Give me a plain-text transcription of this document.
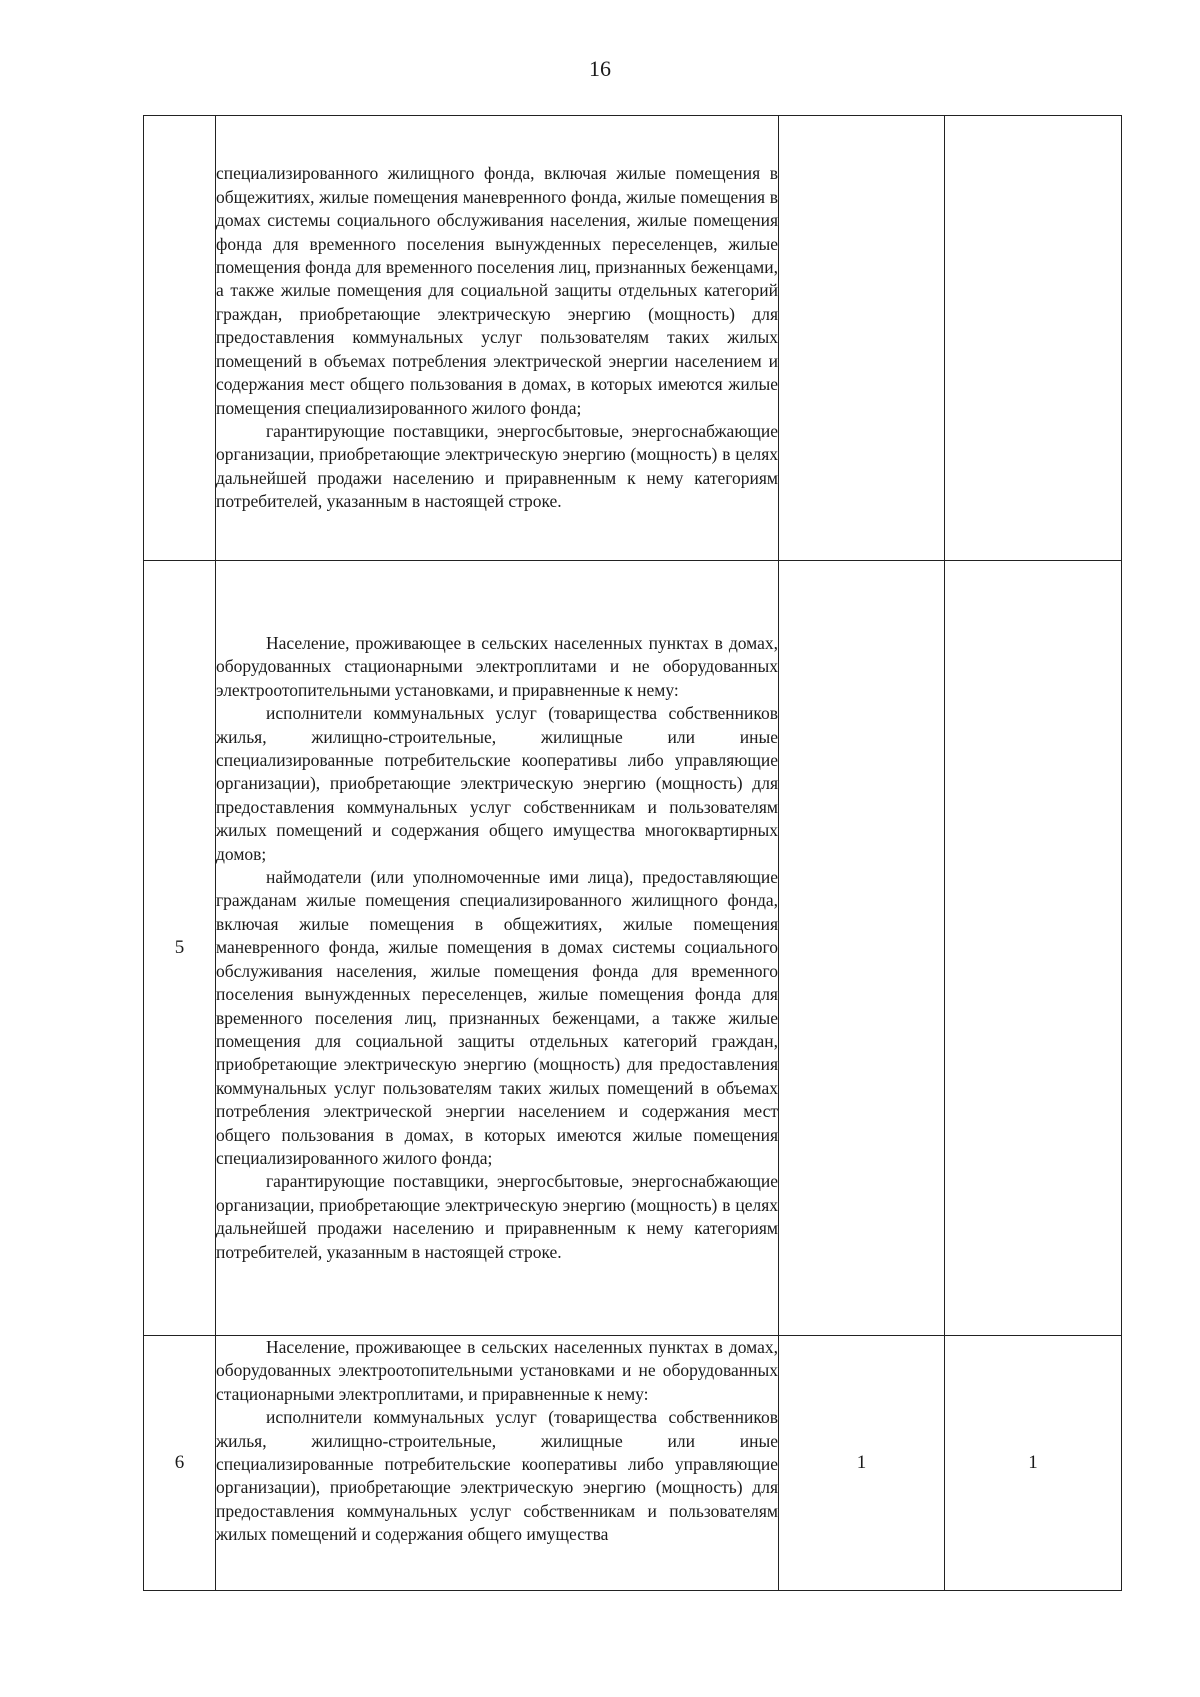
16

	специализированного жилищного фонда, включая жилые помещения в общежитиях, жилые помещения маневренного фонда, жилые помещения в домах системы социального обслуживания населения, жилые помещения фонда для временного поселения вынужденных переселенцев, жилые помещения фонда для временного поселения лиц, признанных беженцами, а также жилые помещения для социальной защиты отдельных категорий граждан, приобретающие электрическую энергию (мощность) для предоставления коммунальных услуг пользователям таких жилых помещений в объемах потребления электрической энергии населением и содержания мест общего пользования в домах, в которых имеются жилые помещения специализированного жилого фонда;

гарантирующие поставщики, энергосбытовые, энергоснабжающие организации, приобретающие электрическую энергию (мощность) в целях дальнейшей продажи населению и приравненным к нему категориям потребителей, указанным в настоящей строке.		

5	Население, проживающее в сельских населенных пунктах в домах, оборудованных стационарными электроплитами и не оборудованных электроотопительными установками, и приравненные к нему:

исполнители коммунальных услуг (товарищества собственников жилья, жилищно-строительные, жилищные или иные специализированные потребительские кооперативы либо управляющие организации), приобретающие электрическую энергию (мощность) для предоставления коммунальных услуг собственникам и пользователям жилых помещений и содержания общего имущества многоквартирных домов;

наймодатели (или уполномоченные ими лица), предоставляющие гражданам жилые помещения специализированного жилищного фонда, включая жилые помещения в общежитиях, жилые помещения маневренного фонда, жилые помещения в домах системы социального обслуживания населения, жилые помещения фонда для временного поселения вынужденных переселенцев, жилые помещения фонда для временного поселения лиц, признанных беженцами, а также жилые помещения для социальной защиты отдельных категорий граждан, приобретающие электрическую энергию (мощность) для предоставления коммунальных услуг пользователям таких жилых помещений в объемах потребления электрической энергии населением и содержания мест общего пользования в домах, в которых имеются жилые помещения специализированного жилого фонда;

гарантирующие поставщики, энергосбытовые, энергоснабжающие организации, приобретающие электрическую энергию (мощность) в целях дальнейшей продажи населению и приравненным к нему категориям потребителей, указанным в настоящей строке.		

6	Население, проживающее в сельских населенных пунктах в домах, оборудованных электроотопительными установками и не оборудованных стационарными электроплитами, и приравненные к нему:

исполнители коммунальных услуг (товарищества собственников жилья, жилищно-строительные, жилищные или иные специализированные потребительские кооперативы либо управляющие организации), приобретающие электрическую энергию (мощность) для предоставления коммунальных услуг собственникам и пользователям жилых помещений и содержания общего имущества	1	1
